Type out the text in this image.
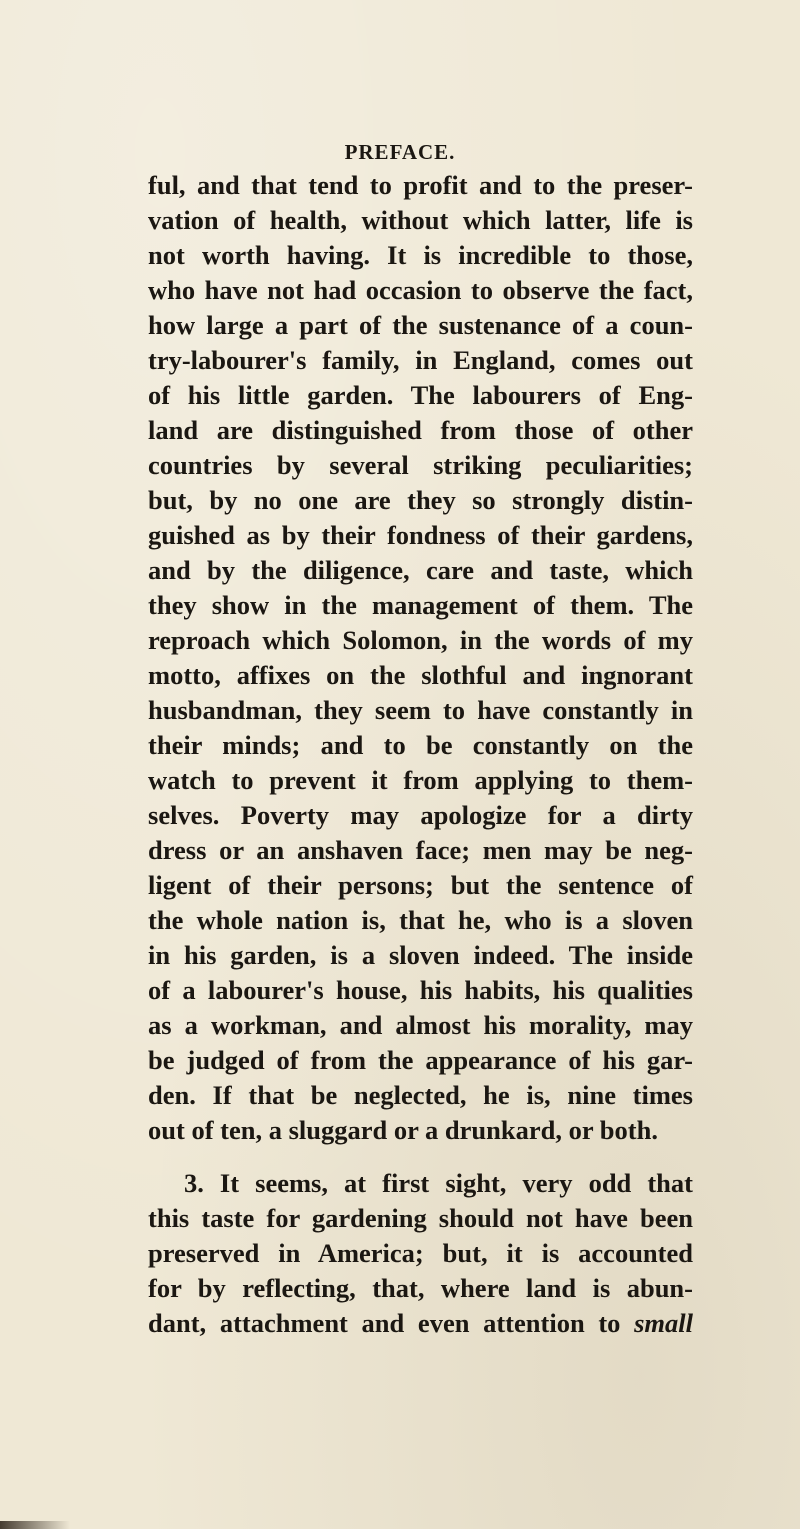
PREFACE.
ful, and that tend to profit and to the preser-
vation of health, without which latter, life is
not worth having. It is incredible to those,
who have not had occasion to observe the fact,
how large a part of the sustenance of a coun-
try-labourer's family, in England, comes out
of his little garden. The labourers of Eng-
land are distinguished from those of other
countries by several striking peculiarities;
but, by no one are they so strongly distin-
guished as by their fondness of their gardens,
and by the diligence, care and taste, which
they show in the management of them. The
reproach which Solomon, in the words of my
motto, affixes on the slothful and ingnorant
husbandman, they seem to have constantly in
their minds; and to be constantly on the
watch to prevent it from applying to them-
selves. Poverty may apologize for a dirty
dress or an anshaven face; men may be neg-
ligent of their persons; but the sentence of
the whole nation is, that he, who is a sloven
in his garden, is a sloven indeed. The inside
of a labourer's house, his habits, his qualities
as a workman, and almost his morality, may
be judged of from the appearance of his gar-
den. If that be neglected, he is, nine times
out of ten, a sluggard or a drunkard, or both.
3. It seems, at first sight, very odd that
this taste for gardening should not have been
preserved in America; but, it is accounted
for by reflecting, that, where land is abun-
dant, attachment and even attention to small
